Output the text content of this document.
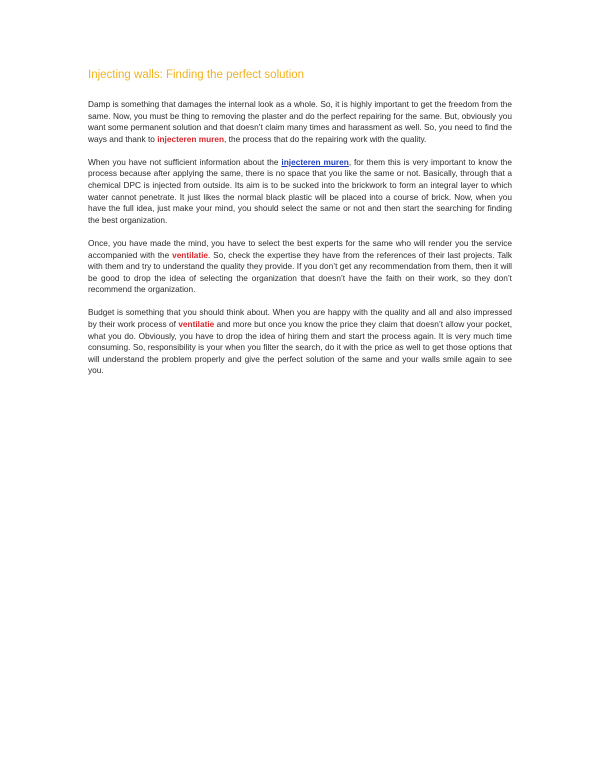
Injecting walls: Finding the perfect solution

Damp is something that damages the internal look as a whole. So, it is highly important to get the freedom from the same. Now, you must be thing to removing the plaster and do the perfect repairing for the same. But, obviously you want some permanent solution and that doesn’t claim many times and harassment as well. So, you need to find the ways and thank to injecteren muren, the process that do the repairing work with the quality.

When you have not sufficient information about the injecteren muren, for them this is very important to know the process because after applying the same, there is no space that you like the same or not. Basically, through that a chemical DPC is injected from outside. Its aim is to be sucked into the brickwork to form an integral layer to which water cannot penetrate. It just likes the normal black plastic will be placed into a course of brick. Now, when you have the full idea, just make your mind, you should select the same or not and then start the searching for finding the best organization.

Once, you have made the mind, you have to select the best experts for the same who will render you the service accompanied with the ventilatie. So, check the expertise they have from the references of their last projects. Talk with them and try to understand the quality they provide. If you don’t get any recommendation from them, then it will be good to drop the idea of selecting the organization that doesn’t have the faith on their work, so they don’t recommend the organization.

Budget is something that you should think about. When you are happy with the quality and all and also impressed by their work process of ventilatie and more but once you know the price they claim that doesn’t allow your pocket, what you do. Obviously, you have to drop the idea of hiring them and start the process again. It is very much time consuming. So, responsibility is your when you filter the search, do it with the price as well to get those options that will understand the problem properly and give the perfect solution of the same and your walls smile again to see you.
